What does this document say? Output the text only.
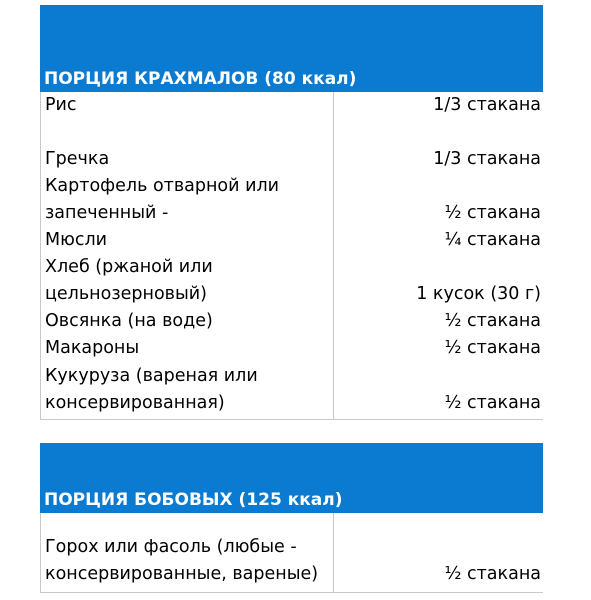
ПОРЦИЯ КРАХМАЛОВ (80 ккал)
Рис	1/3 стакана
Гречка	1/3 стакана
Картофель отварной или
запеченный -	½ стакана
Мюсли	¼ стакана
Хлеб (ржаной или
цельнозерновый)	1 кусок (30 г)
Овсянка (на воде)	½ стакана
Макароны	½ стакана
Кукуруза (вареная или
консервированная)	½ стакана
ПОРЦИЯ БОБОВЫХ (125 ккал)
Горох или фасоль (любые -
консервированные, вареные)	½ стакана
